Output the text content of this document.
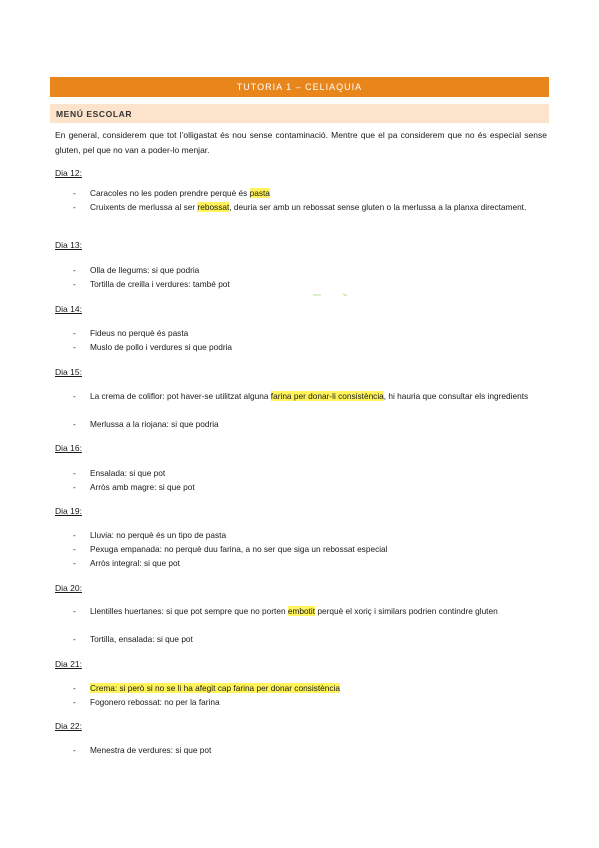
TUTORIA 1 – CELIAQUIA
MENÚ ESCOLAR
En general, considerem que tot l’olligastat és nou sense contaminació. Mentre que el pa considerem que no és especial sense gluten, pel que no van a poder-lo menjar.
Dia 12:
- Caracoles no les poden prendre perquè és pasta
- Cruixents de merlussa al ser rebossat, deuria ser amb un rebossat sense gluten o la merlussa a la planxa directament.
Dia 13:
- Olla de llegums: si que podria
- Tortilla de creilla i verdures: també pot
Dia 14:
- Fideus no perquè és pasta
- Muslo de pollo i verdures si que podria
Dia 15:
- La crema de coliflor: pot haver-se utilitzat alguna farina per donar-li consistència, hi hauria que consultar els ingredients
- Merlussa a la riojana: si que podria
Dia 16:
- Ensalada: si que pot
- Arròs amb magre: si que pot
Dia 19:
- Lluvia: no perquè és un tipo de pasta
- Pexuga empanada: no perquè duu farina, a no ser que siga un rebossat especial
- Arròs integral: si que pot
Dia 20:
- Llentilles huertanes: si que pot sempre que no porten embotit perquè el xoriç i similars podrien contindre gluten
- Tortilla, ensalada: si que pot
Dia 21:
- Crema: si però si no se li ha afegit cap farina per donar consistència
- Fogonero rebossat: no per la farina
Dia 22:
- Menestra de verdures: si que pot
